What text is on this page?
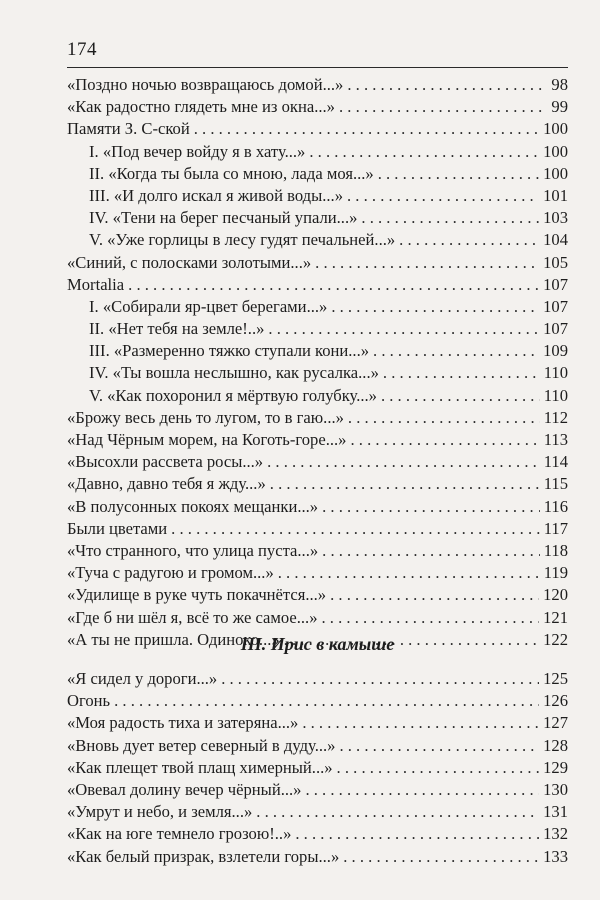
174
«Поздно ночью возвращаюсь домой...» . . .	98
«Как радостно глядеть мне из окна...» . . .	99
Памяти З. С-ской . . .	100
I. «Под вечер войду я в хату...» . . .	100
II. «Когда ты была со мною, лада моя...» . . .	100
III. «И долго искал я живой воды...» . . .	101
IV. «Тени на берег песчаный упали...» . . .	103
V. «Уже горлицы в лесу гудят печальней...» . . .	104
«Синий, с полосками золотыми...» . . .	105
Mortalia . . .	107
I. «Собирали яр-цвет берегами...» . . .	107
II. «Нет тебя на земле!..» . . .	107
III. «Размеренно тяжко ступали кони...» . . .	109
IV. «Ты вошла неслышно, как русалка...» . . .	110
V. «Как похоронил я мёртвую голубку...» . . .	110
«Брожу весь день то лугом, то в гаю...» . . .	112
«Над Чёрным морем, на Коготь-горе...» . . .	113
«Высохли рассвета росы...» . . .	114
«Давно, давно тебя я жду...» . . .	115
«В полусонных покоях мещанки...» . . .	116
Были цветами . . .	117
«Что странного, что улица пуста...» . . .	118
«Туча с радугою и громом...» . . .	119
«Удилище в руке чуть покачнётся...» . . .	120
«Где б ни шёл я, всё то же самое...» . . .	121
«А ты не пришла. Одиноко...» . . .	122
III. Ирис в камыше
«Я сидел у дороги...» . . .	125
Огонь . . .	126
«Моя радость тиха и затеряна...» . . .	127
«Вновь дует ветер северный в дуду...» . . .	128
«Как плещет твой плащ химерный...» . . .	129
«Овевал долину вечер чёрный...» . . .	130
«Умрут и небо, и земля...» . . .	131
«Как на юге темнело грозою!..» . . .	132
«Как белый призрак, взлетели горы...» . . .	133
